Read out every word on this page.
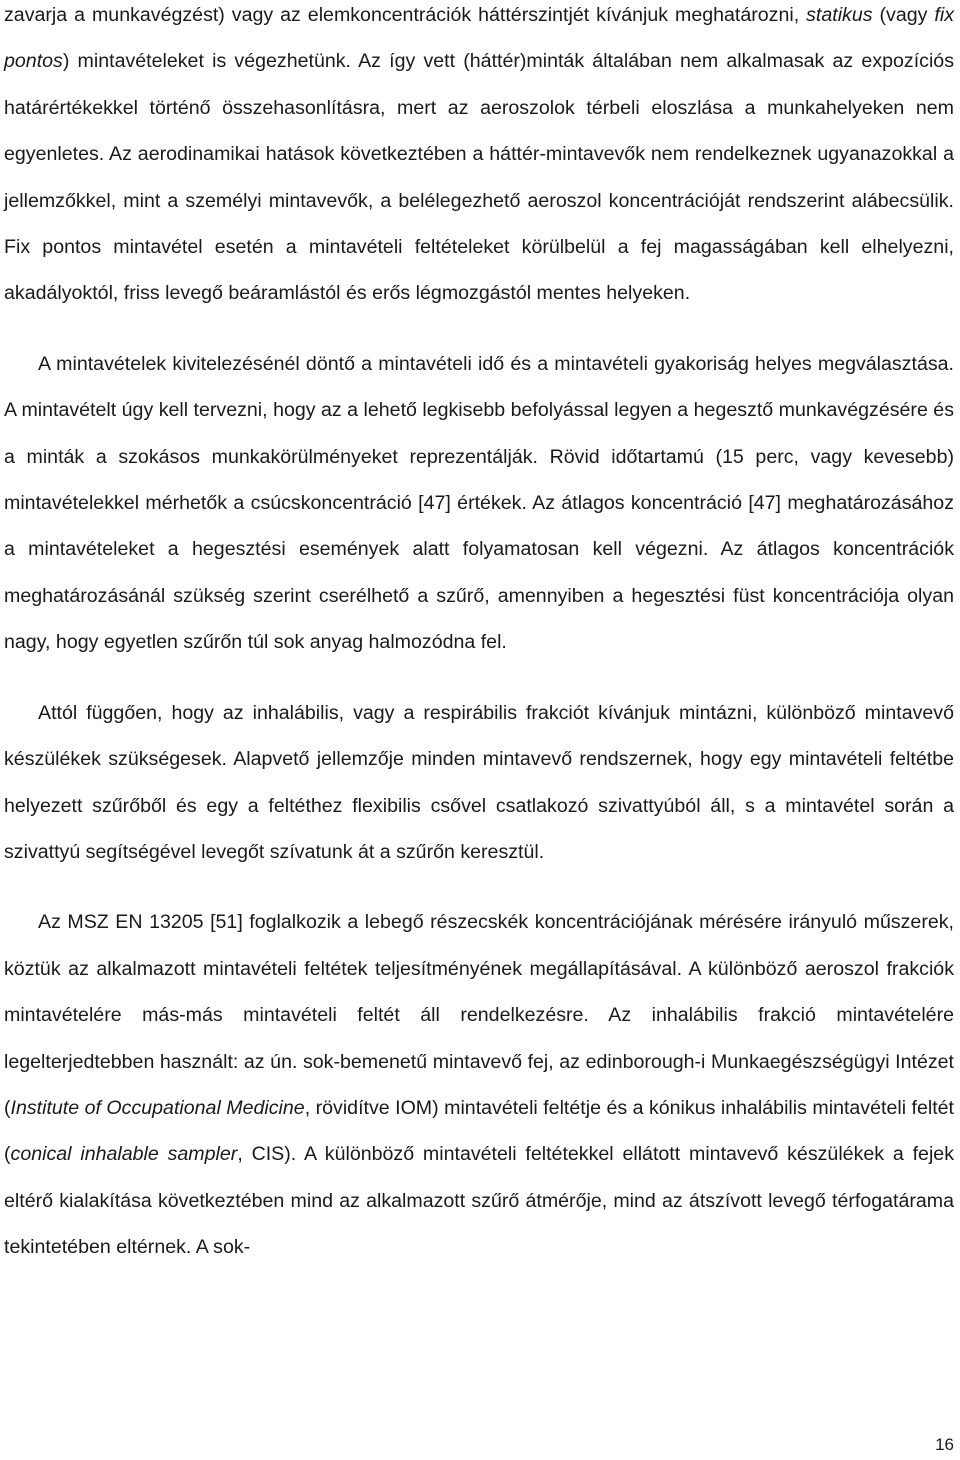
zavarja a munkavégzést) vagy az elemkoncentrációk háttérszintjét kívánjuk meghatározni, statikus (vagy fix pontos) mintavételeket is végezhetünk. Az így vett (háttér)minták általában nem alkalmasak az expozíciós határértékekkel történő összehasonlításra, mert az aeroszolok térbeli eloszlása a munkahelyeken nem egyenletes. Az aerodinamikai hatások következtében a háttér-mintavevők nem rendelkeznek ugyanazokkal a jellemzőkkel, mint a személyi mintavevők, a belélegezhető aeroszol koncentrációját rendszerint alábecsülik. Fix pontos mintavétel esetén a mintavételi feltételeket körülbelül a fej magasságában kell elhelyezni, akadályoktól, friss levegő beáramlástól és erős légmozgástól mentes helyeken.

A mintavételek kivitelezésénél döntő a mintavételi idő és a mintavételi gyakoriság helyes megválasztása. A mintavételt úgy kell tervezni, hogy az a lehető legkisebb befolyással legyen a hegesztő munkavégzésére és a minták a szokásos munkakörülményeket reprezentálják. Rövid időtartamú (15 perc, vagy kevesebb) mintavételekkel mérhetők a csúcskoncentráció [47] értékek. Az átlagos koncentráció [47] meghatározásához a mintavételeket a hegesztési események alatt folyamatosan kell végezni. Az átlagos koncentrációk meghatározásánál szükség szerint cserélhető a szűrő, amennyiben a hegesztési füst koncentrációja olyan nagy, hogy egyetlen szűrőn túl sok anyag halmozódna fel.

Attól függően, hogy az inhalábilis, vagy a respirábilis frakciót kívánjuk mintázni, különböző mintavevő készülékek szükségesek. Alapvető jellemzője minden mintavevő rendszernek, hogy egy mintavételi feltétbe helyezett szűrőből és egy a feltéthez flexibilis csővel csatlakozó szivattyúból áll, s a mintavétel során a szivattyú segítségével levegőt szívatunk át a szűrőn keresztül.

Az MSZ EN 13205 [51] foglalkozik a lebegő részecskék koncentrációjának mérésére irányuló műszerek, köztük az alkalmazott mintavételi feltétek teljesítményének megállapításával. A különböző aeroszol frakciók mintavételére más-más mintavételi feltét áll rendelkezésre. Az inhalábilis frakció mintavételére legelterjedtebben használt: az ún. sok-bemenetű mintavevő fej, az edinborough-i Munkaegészségügyi Intézet (Institute of Occupational Medicine, rövidítve IOM) mintavételi feltétje és a kónikus inhalábilis mintavételi feltét (conical inhalable sampler, CIS). A különböző mintavételi feltétekkel ellátott mintavevő készülékek a fejek eltérő kialakítása következtében mind az alkalmazott szűrő átmérője, mind az átszívott levegő térfogatárama tekintetében eltérnek. A sok-

16
